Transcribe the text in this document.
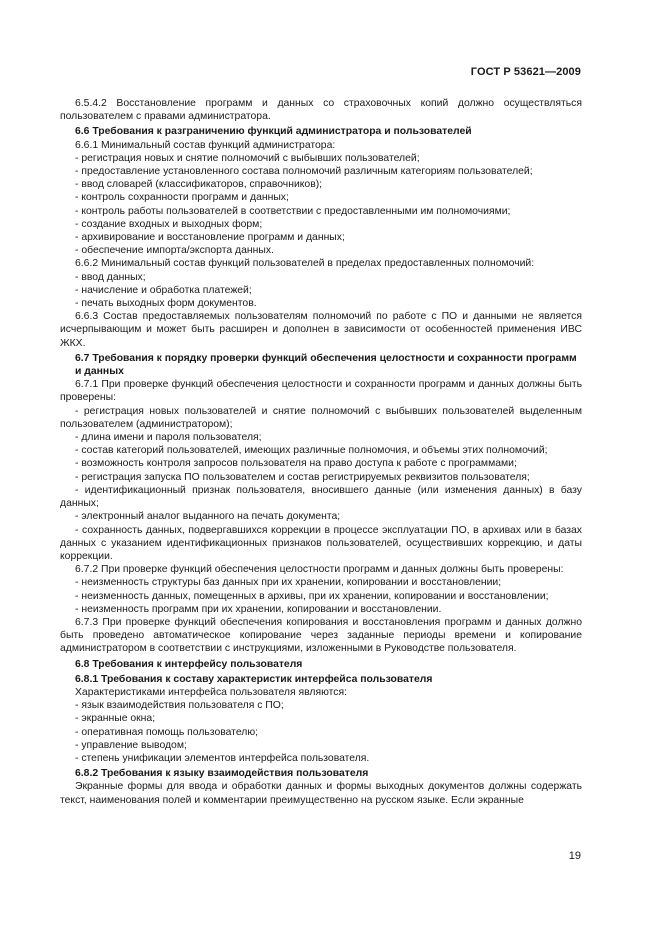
ГОСТ Р 53621—2009

6.5.4.2 Восстановление программ и данных со страховочных копий должно осуществляться пользователем с правами администратора.

6.6 Требования к разграничению функций администратора и пользователей

6.6.1 Минимальный состав функций администратора:

- регистрация новых и снятие полномочий с выбывших пользователей;

- предоставление установленного состава полномочий различным категориям пользователей;

- ввод словарей (классификаторов, справочников);

- контроль сохранности программ и данных;

- контроль работы пользователей в соответствии с предоставленными им полномочиями;

- создание входных и выходных форм;

- архивирование и восстановление программ и данных;

- обеспечение импорта/экспорта данных.

6.6.2 Минимальный состав функций пользователей в пределах предоставленных полномочий:

- ввод данных;

- начисление и обработка платежей;

- печать выходных форм документов.

6.6.3 Состав предоставляемых пользователям полномочий по работе с ПО и данными не является исчерпывающим и может быть расширен и дополнен в зависимости от особенностей применения ИВС ЖКХ.

6.7 Требования к порядку проверки функций обеспечения целостности и сохранности программ и данных

6.7.1 При проверке функций обеспечения целостности и сохранности программ и данных должны быть проверены:

- регистрация новых пользователей и снятие полномочий с выбывших пользователей выделенным пользователем (администратором);

- длина имени и пароля пользователя;

- состав категорий пользователей, имеющих различные полномочия, и объемы этих полномочий;

- возможность контроля запросов пользователя на право доступа к работе с программами;

- регистрация запуска ПО пользователем и состав регистрируемых реквизитов пользователя;

- идентификационный признак пользователя, вносившего данные (или изменения данных) в базу данных;

- электронный аналог выданного на печать документа;

- сохранность данных, подвергавшихся коррекции в процессе эксплуатации ПО, в архивах или в базах данных с указанием идентификационных признаков пользователей, осуществивших коррекцию, и даты коррекции.

6.7.2 При проверке функций обеспечения целостности программ и данных должны быть проверены:

- неизменность структуры баз данных при их хранении, копировании и восстановлении;

- неизменность данных, помещенных в архивы, при их хранении, копировании и восстановлении;

- неизменность программ при их хранении, копировании и восстановлении.

6.7.3 При проверке функций обеспечения копирования и восстановления программ и данных должно быть проведено автоматическое копирование через заданные периоды времени и копирование администратором в соответствии с инструкциями, изложенными в Руководстве пользователя.

6.8 Требования к интерфейсу пользователя

6.8.1 Требования к составу характеристик интерфейса пользователя

Характеристиками интерфейса пользователя являются:

- язык взаимодействия пользователя с ПО;

- экранные окна;

- оперативная помощь пользователю;

- управление выводом;

- степень унификации элементов интерфейса пользователя.

6.8.2 Требования к языку взаимодействия пользователя

Экранные формы для ввода и обработки данных и формы выходных документов должны содержать текст, наименования полей и комментарии преимущественно на русском языке. Если экранные

19
